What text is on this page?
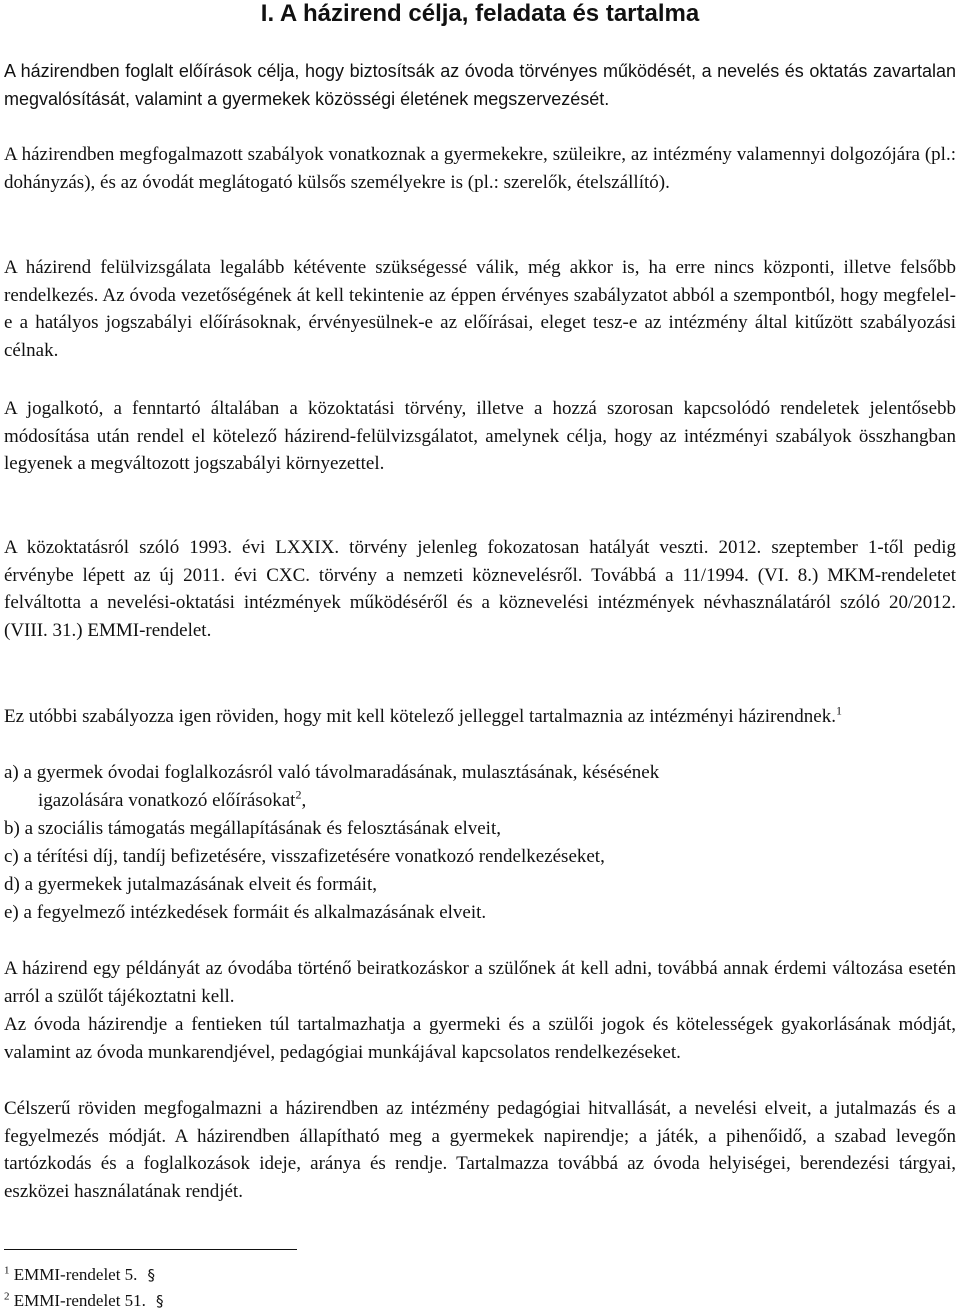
I. A házirend célja, feladata és tartalma

A házirendben foglalt előírások célja, hogy biztosítsák az óvoda törvényes működését, a nevelés és oktatás zavartalan megvalósítását, valamint a gyermekek közösségi életének megszervezését.

A házirendben megfogalmazott szabályok vonatkoznak a gyermekekre, szüleikre, az intézmény valamennyi dolgozójára (pl.: dohányzás), és az óvodát meglátogató külsős személyekre is (pl.: szerelők, ételszállító).

A házirend felülvizsgálata legalább kétévente szükségessé válik, még akkor is, ha erre nincs központi, illetve felsőbb rendelkezés. Az óvoda vezetőségének át kell tekintenie az éppen érvényes szabályzatot abból a szempontból, hogy megfelel-e a hatályos jogszabályi előírásoknak, érvényesülnek-e az előírásai, eleget tesz-e az intézmény által kitűzött szabályozási célnak.

A jogalkotó, a fenntartó általában a közoktatási törvény, illetve a hozzá szorosan kapcsolódó rendeletek jelentősebb módosítása után rendel el kötelező házirend-felülvizsgálatot, amelynek célja, hogy az intézményi szabályok összhangban legyenek a megváltozott jogszabályi környezettel.

A közoktatásról szóló 1993. évi LXXIX. törvény jelenleg fokozatosan hatályát veszti. 2012. szeptember 1-től pedig érvénybe lépett az új 2011. évi CXC. törvény a nemzeti köznevelésről. Továbbá a 11/1994. (VI. 8.) MKM-rendeletet felváltotta a nevelési-oktatási intézmények működéséről és a köznevelési intézmények névhasználatáról szóló 20/2012. (VIII. 31.) EMMI-rendelet.

Ez utóbbi szabályozza igen röviden, hogy mit kell kötelező jelleggel tartalmaznia az intézményi házirendnek.$^1$

a) a gyermek óvodai foglalkozásról való távolmaradásának, mulasztásának, késésének
igazolására vonatkozó előírásokat$^2$,

b) a szociális támogatás megállapításának és felosztásának elveit,

c) a térítési díj, tandíj befizetésére, visszafizetésére vonatkozó rendelkezéseket,

d) a gyermekek jutalmazásának elveit és formáit,

e) a fegyelmező intézkedések formáit és alkalmazásának elveit.

A házirend egy példányát az óvodába történő beiratkozáskor a szülőnek át kell adni, továbbá annak érdemi változása esetén arról a szülőt tájékoztatni kell.

Az óvoda házirendje a fentieken túl tartalmazhatja a gyermeki és a szülői jogok és kötelességek gyakorlásának módját, valamint az óvoda munkarendjével, pedagógiai munkájával kapcsolatos rendelkezéseket.

Célszerű röviden megfogalmazni a házirendben az intézmény pedagógiai hitvallását, a nevelési elveit, a jutalmazás és a fegyelmezés módját. A házirendben állapítható meg a gyermekek napirendje; a játék, a pihenőidő, a szabad levegőn tartózkodás és a foglalkozások ideje, aránya és rendje. Tartalmazza továbbá az óvoda helyiségei, berendezési tárgyai, eszközei használatának rendjét.

$^1$ EMMI-rendelet 5. §

$^2$ EMMI-rendelet 51. §
